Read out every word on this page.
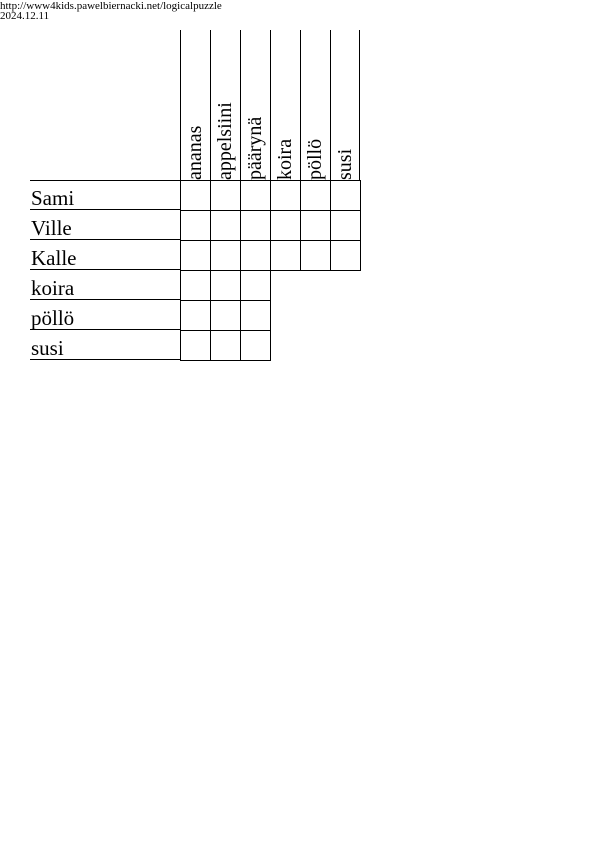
http://www4kids.pawelbiernacki.net/logicalpuzzle
2024.12.11
ananas appelsiini päärynä koira pöllö susi
Sami
Ville
Kalle
koira
pöllö
susi
